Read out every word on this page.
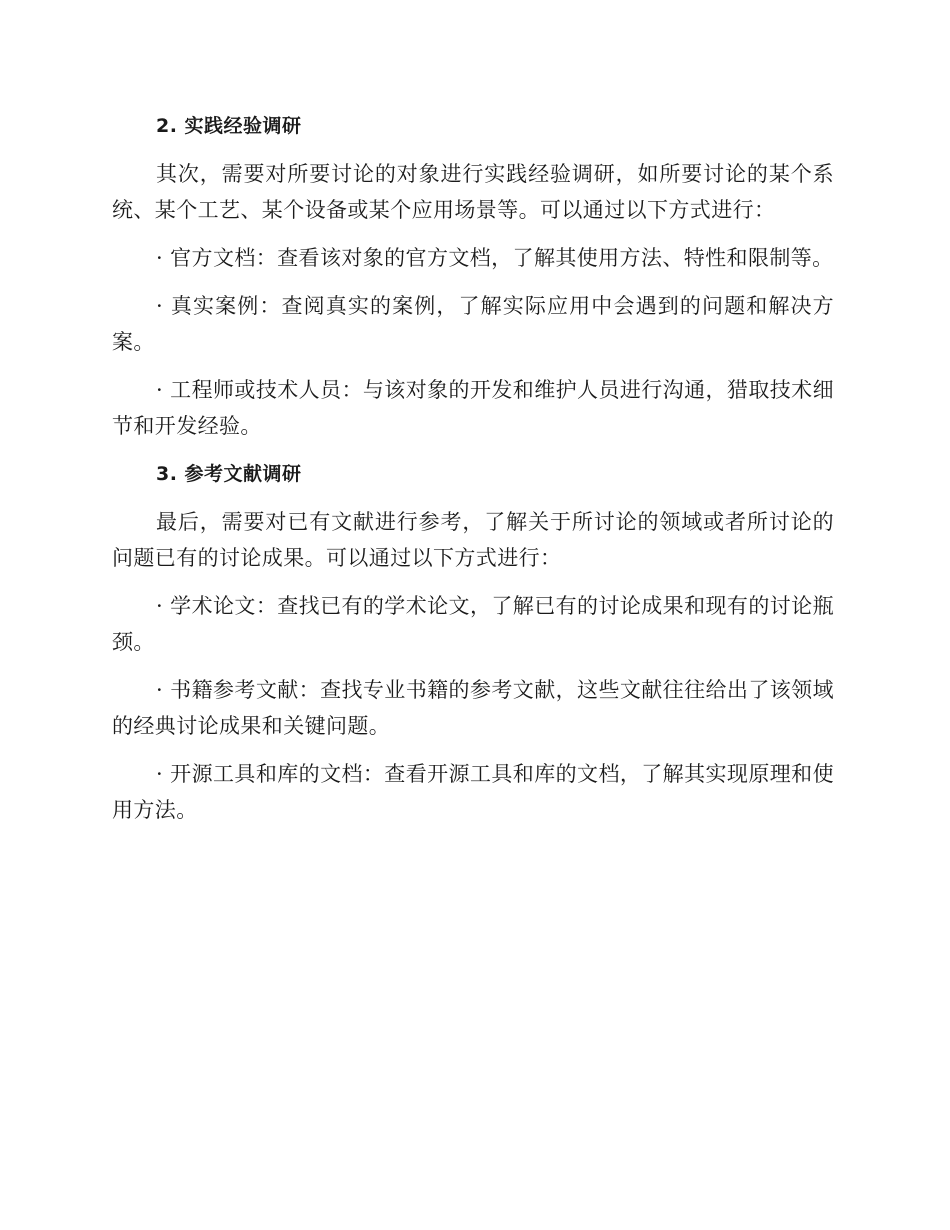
2. 实践经验调研

其次，需要对所要讨论的对象进行实践经验调研，如所要讨论的某个系统、某个工艺、某个设备或某个应用场景等。可以通过以下方式进行：

· 官方文档：查看该对象的官方文档，了解其使用方法、特性和限制等。

· 真实案例：查阅真实的案例，了解实际应用中会遇到的问题和解决方案。

· 工程师或技术人员：与该对象的开发和维护人员进行沟通，猎取技术细节和开发经验。

3. 参考文献调研

最后，需要对已有文献进行参考，了解关于所讨论的领域或者所讨论的问题已有的讨论成果。可以通过以下方式进行：

· 学术论文：查找已有的学术论文，了解已有的讨论成果和现有的讨论瓶颈。

· 书籍参考文献：查找专业书籍的参考文献，这些文献往往给出了该领域的经典讨论成果和关键问题。

· 开源工具和库的文档：查看开源工具和库的文档，了解其实现原理和使用方法。
